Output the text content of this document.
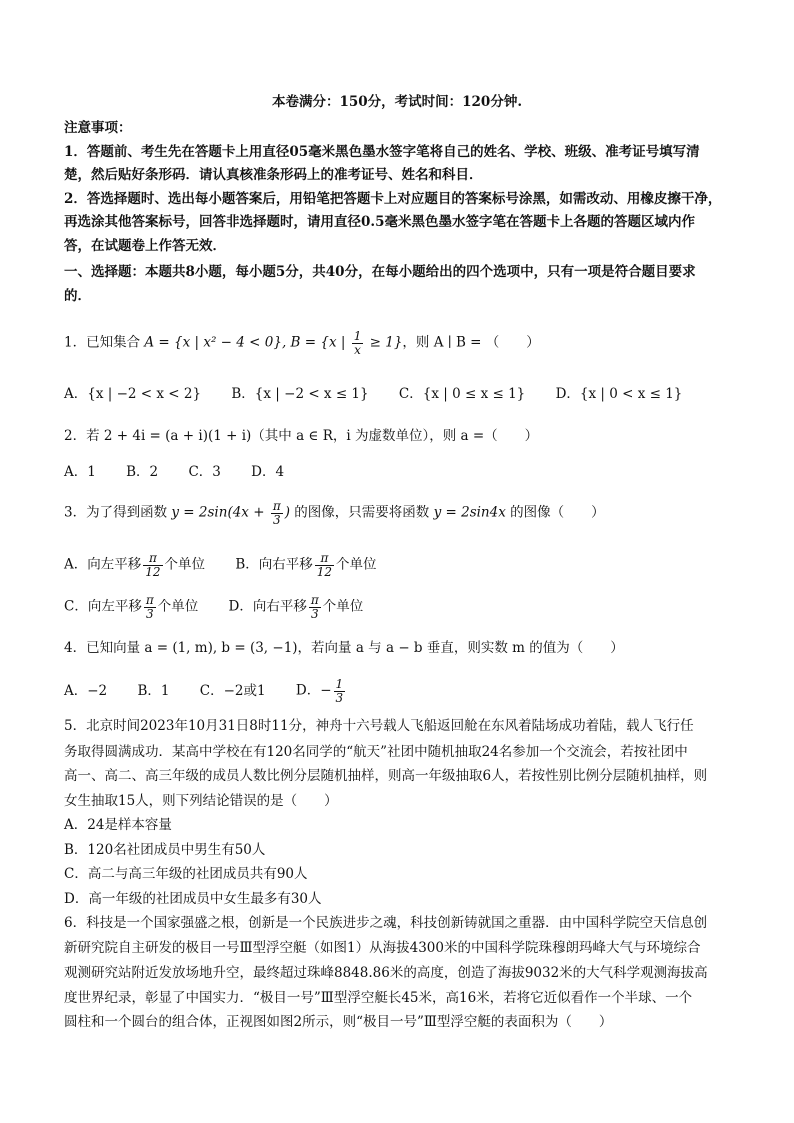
本卷满分：150分，考试时间：120分钟.
注意事项：
1．答题前、考生先在答题卡上用直径05毫米黑色墨水签字笔将自己的姓名、学校、班级、准考证号填写清
楚，然后贴好条形码．请认真核准条形码上的准考证号、姓名和科目．
2．答选择题时、选出每小题答案后，用铅笔把答题卡上对应题目的答案标号涂黑，如需改动、用橡皮擦干净，
再选涂其他答案标号，回答非选择题时，请用直径0.5毫米黑色墨水签字笔在答题卡上各题的答题区域内作
答，在试题卷上作答无效．
一、选择题：本题共8小题，每小题5分，共40分，在每小题给出的四个选项中，只有一项是符合题目要求
的．
1．已知集合 A = {x | x² − 4 < 0}, B = {x | $\frac{1}{x} \ge 1$}，则 A ∣ B = （　　）
A．{x | −2 < x < 2} B．{x | −2 < x ≤ 1} C．{x | 0 ≤ x ≤ 1} D．{x | 0 < x ≤ 1}
2．若 2 + 4i = (a + i)(1 + i)（其中 a ∈ R，i 为虚数单位），则 a =（　　）
A．1 B．2 C．3 D．4
3．为了得到函数 $y = 2\sin(4x + \frac{\pi}{3}$ ) 的图像，只需要将函数 y = 2sin4x 的图像（　　）
A．向左平移 $\frac{\pi}{12}$ 个单位 B．向右平移 $\frac{\pi}{12}$ 个单位
C．向左平移 $\frac{\pi}{3}$ 个单位 D．向右平移 $\frac{\pi}{3}$ 个单位
4．已知向量 a = (1, m), b = (3, −1)，若向量 a 与 a − b 垂直，则实数 m 的值为（　　）
A．−2 B．1 C．−2或1 D．− $\frac{1}{3}$
5．北京时间2023年10月31日8时11分，神舟十六号载人飞船返回舱在东风着陆场成功着陆，载人飞行任
务取得圆满成功．某高中学校在有120名同学的“航天”社团中随机抽取24名参加一个交流会，若按社团中
高一、高二、高三年级的成员人数比例分层随机抽样，则高一年级抽取6人，若按性别比例分层随机抽样，则
女生抽取15人，则下列结论错误的是（　　）
A．24是样本容量
B．120名社团成员中男生有50人
C．高二与高三年级的社团成员共有90人
D．高一年级的社团成员中女生最多有30人
6．科技是一个国家强盛之根，创新是一个民族进步之魂，科技创新铸就国之重器．由中国科学院空天信息创
新研究院自主研发的极目一号Ⅲ型浮空艇（如图1）从海拔4300米的中国科学院珠穆朗玛峰大气与环境综合
观测研究站附近发放场地升空，最终超过珠峰8848.86米的高度，创造了海拔9032米的大气科学观测海拔高
度世界纪录，彰显了中国实力．“极目一号”Ⅲ型浮空艇长45米，高16米，若将它近似看作一个半球、一个
圆柱和一个圆台的组合体，正视图如图2所示，则“极目一号”Ⅲ型浮空艇的表面积为（　　）
